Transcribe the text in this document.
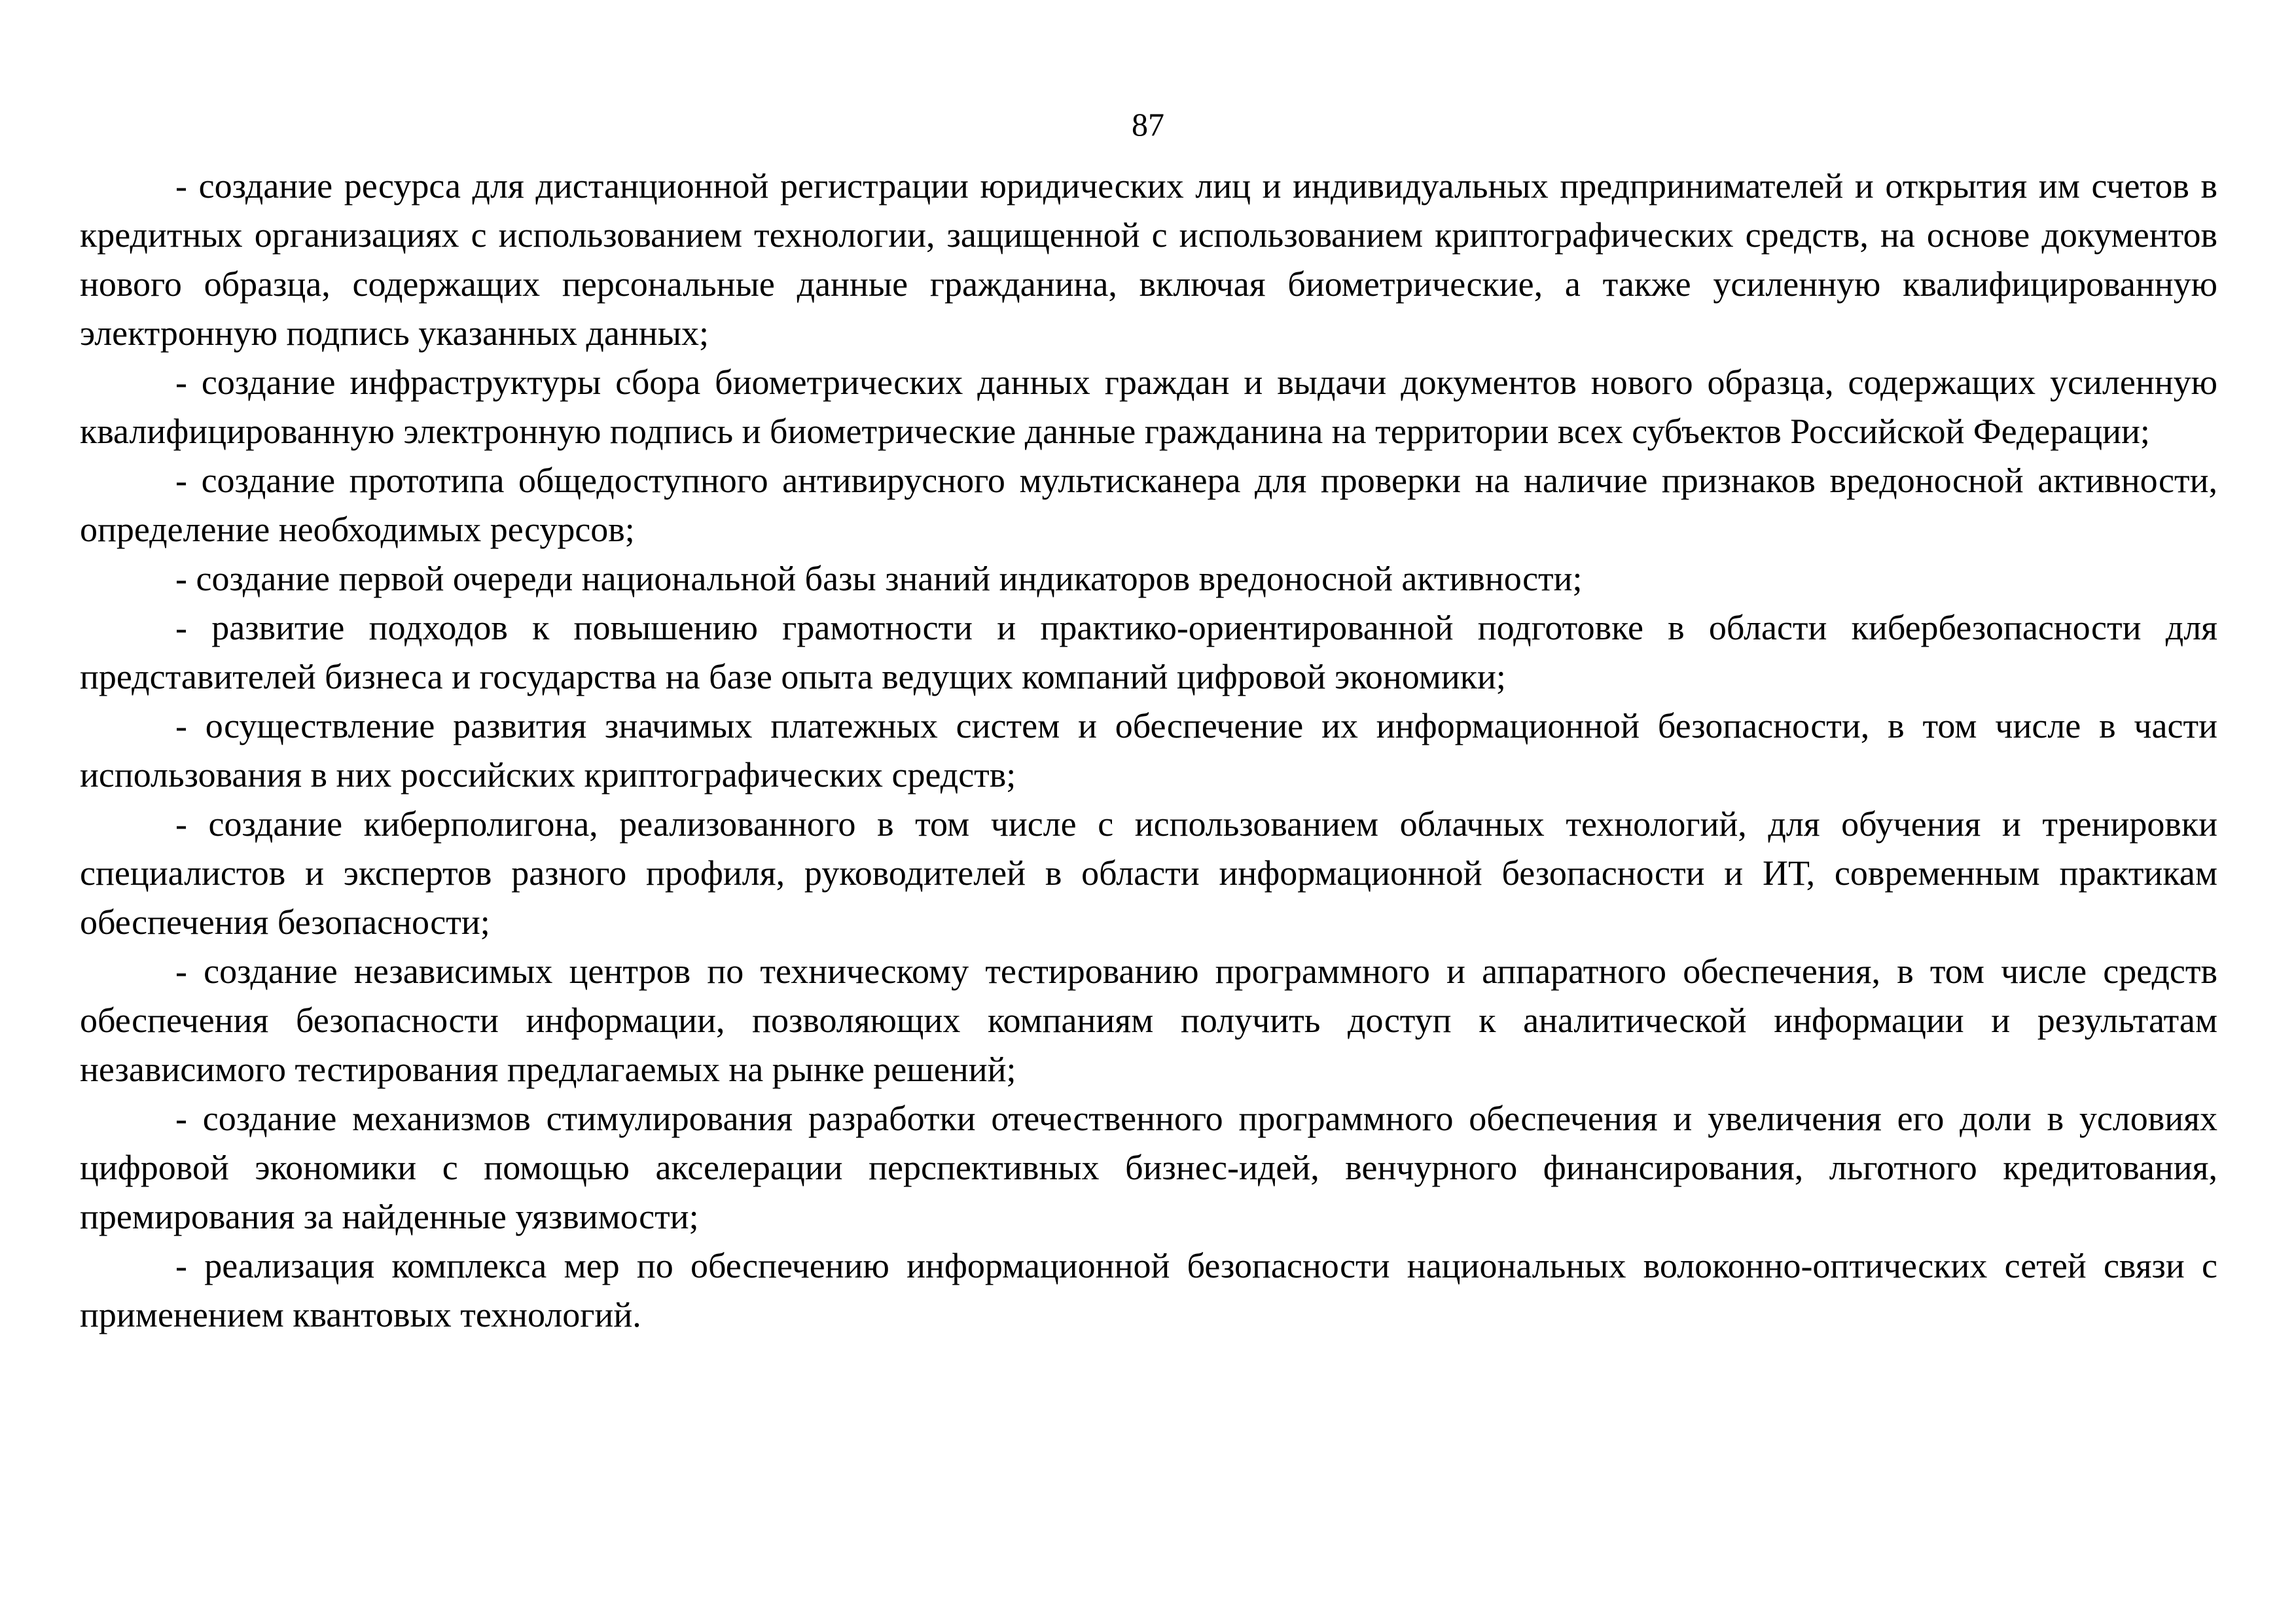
87

- создание ресурса для дистанционной регистрации юридических лиц и индивидуальных предпринимателей и открытия им счетов в кредитных организациях с использованием технологии, защищенной с использованием криптографических средств, на основе документов нового образца, содержащих персональные данные гражданина, включая биометрические, а также усиленную квалифицированную электронную подпись указанных данных;

- создание инфраструктуры сбора биометрических данных граждан и выдачи документов нового образца, содержащих усиленную квалифицированную электронную подпись и биометрические данные гражданина на территории всех субъектов Российской Федерации;

- создание прототипа общедоступного антивирусного мультисканера для проверки на наличие признаков вредоносной активности, определение необходимых ресурсов;

- создание первой очереди национальной базы знаний индикаторов вредоносной активности;

- развитие подходов к повышению грамотности и практико-ориентированной подготовке в области кибербезопасности для представителей бизнеса и государства на базе опыта ведущих компаний цифровой экономики;

- осуществление развития значимых платежных систем и обеспечение их информационной безопасности, в том числе в части использования в них российских криптографических средств;

- создание киберполигона, реализованного в том числе с использованием облачных технологий, для обучения и тренировки специалистов и экспертов разного профиля, руководителей в области информационной безопасности и ИТ, современным практикам обеспечения безопасности;

- создание независимых центров по техническому тестированию программного и аппаратного обеспечения, в том числе средств обеспечения безопасности информации, позволяющих компаниям получить доступ к аналитической информации и результатам независимого тестирования предлагаемых на рынке решений;

- создание механизмов стимулирования разработки отечественного программного обеспечения и увеличения его доли в условиях цифровой экономики с помощью акселерации перспективных бизнес-идей, венчурного финансирования, льготного кредитования, премирования за найденные уязвимости;

- реализация комплекса мер по обеспечению информационной безопасности национальных волоконно-оптических сетей связи с применением квантовых технологий.
